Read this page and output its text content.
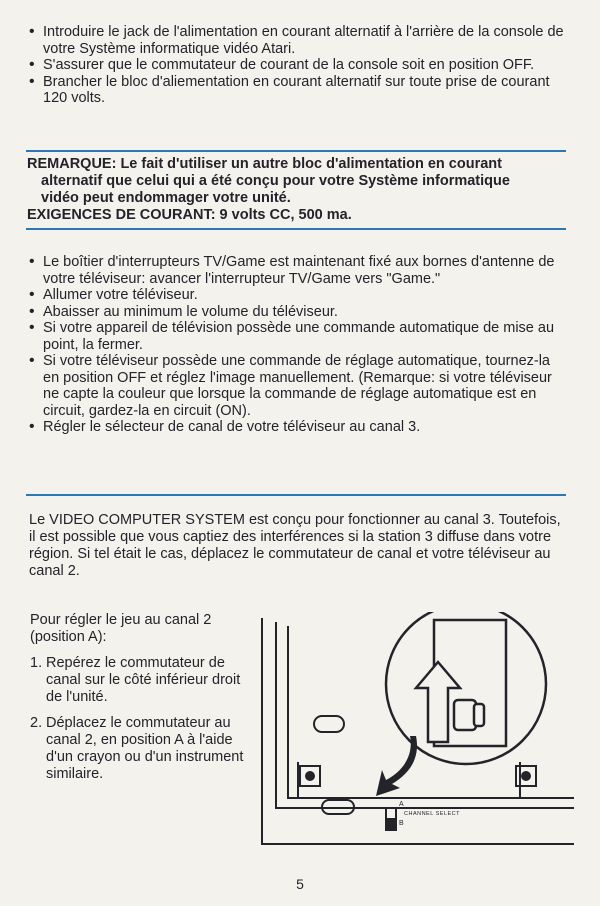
• Introduire le jack de l'alimentation en courant alternatif à l'arrière de la console de votre Système informatique vidéo Atari.
• S'assurer que le commutateur de courant de la console soit en position OFF.
• Brancher le bloc d'aliementation en courant alternatif sur toute prise de courant 120 volts.
REMARQUE: Le fait d'utiliser un autre bloc d'alimentation en courant
alternatif que celui qui a été conçu pour votre Système informatique
vidéo peut endommager votre unité.
EXIGENCES DE COURANT: 9 volts CC, 500 ma.
• Le boîtier d'interrupteurs TV/Game est maintenant fixé aux bornes d'antenne de votre téléviseur: avancer l'interrupteur TV/Game vers "Game."
• Allumer votre téléviseur.
• Abaisser au minimum le volume du téléviseur.
• Si votre appareil de télévision possède une commande automatique de mise au point, la fermer.
• Si votre téléviseur possède une commande de réglage automatique, tournez-la en position OFF et réglez l'image manuellement. (Remarque: si votre téléviseur ne capte la couleur que lorsque la commande de réglage automatique est en circuit, gardez-la en circuit (ON).
• Régler le sélecteur de canal de votre téléviseur au canal 3.
Le VIDEO COMPUTER SYSTEM est conçu pour fonctionner au canal 3. Toutefois, il est possible que vous captiez des interférences si la station 3 diffuse dans votre région. Si tel était le cas, déplacez le commutateur de canal et votre téléviseur au canal 2.

Pour régler le jeu au canal 2 (position A):

1. Repérez le commutateur de canal sur le côté inférieur droit de l'unité.
2. Déplacez le commutateur au canal 2, en position A à l'aide d'un crayon ou d'un instrument similaire.
A
CHANNEL SELECT
B
5
